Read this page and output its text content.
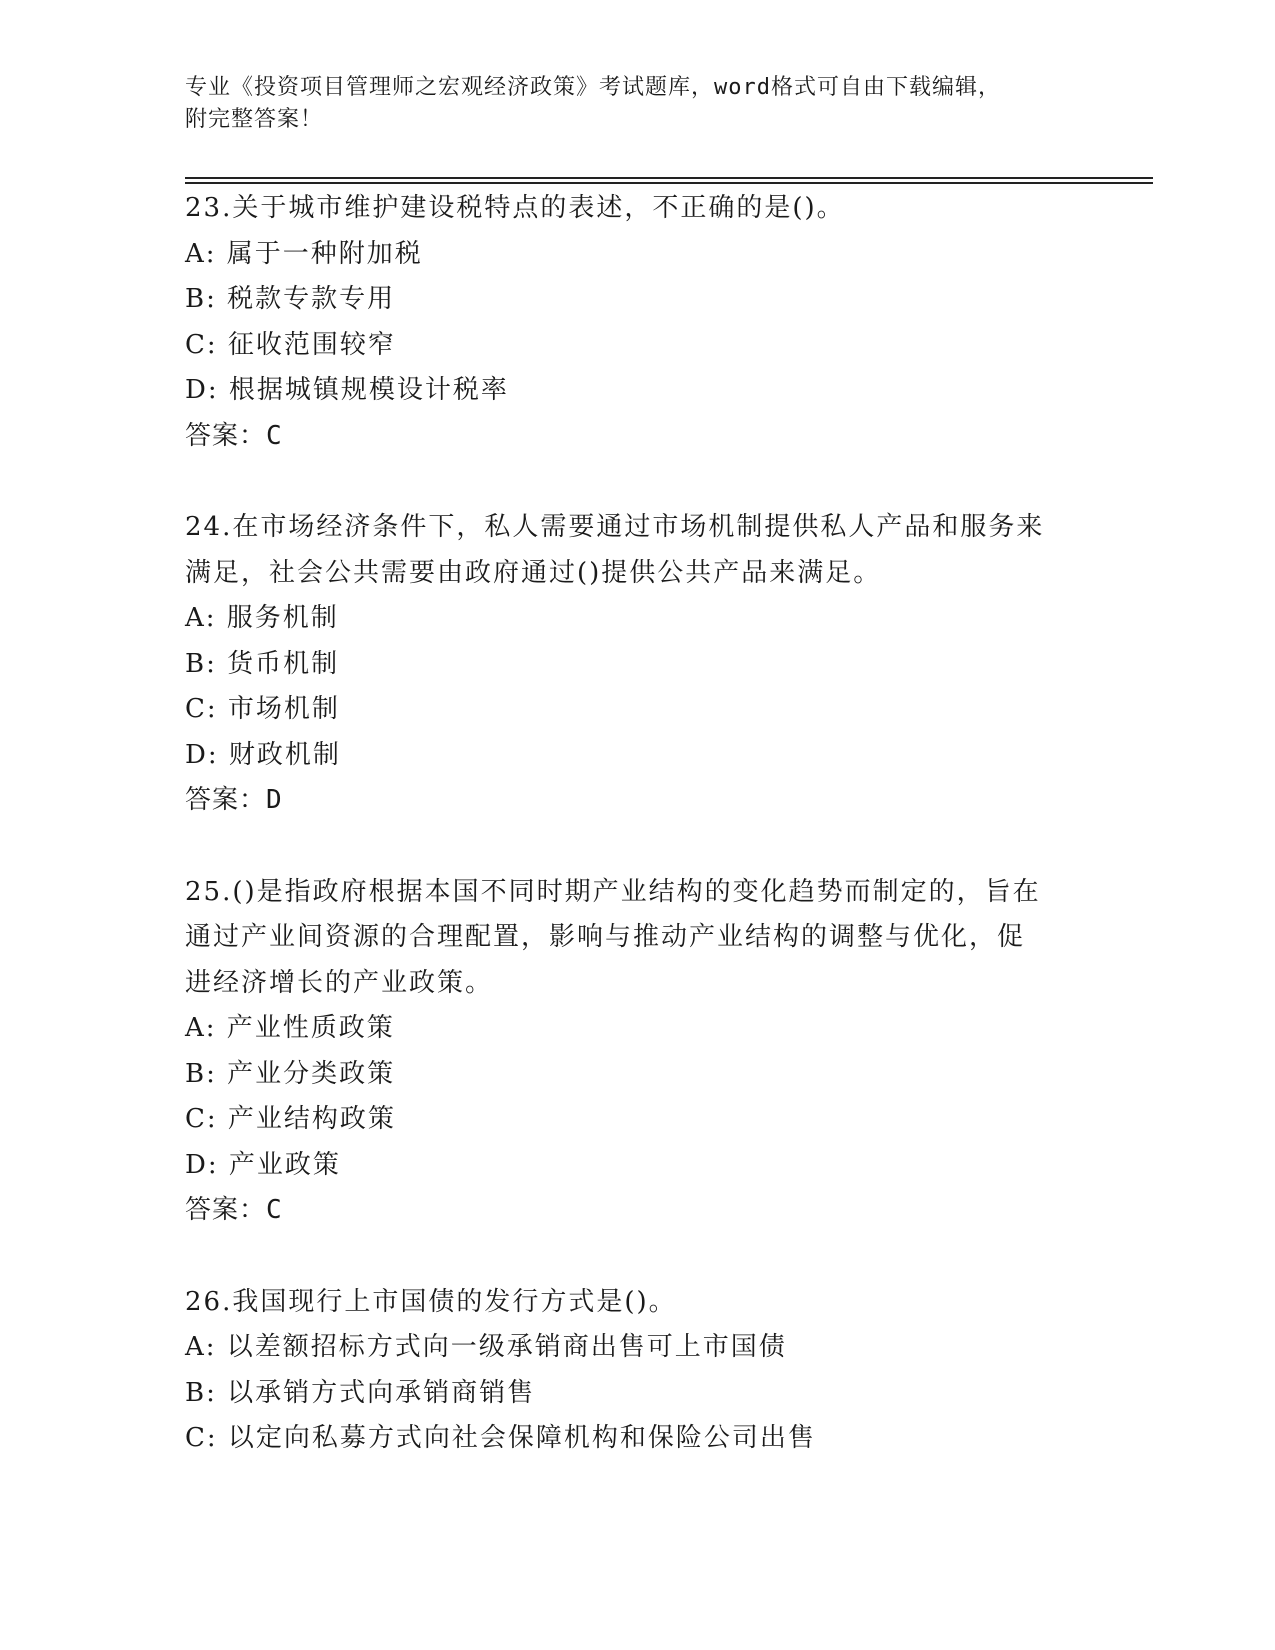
专业《投资项目管理师之宏观经济政策》考试题库，word格式可自由下载编辑，
附完整答案！
23.关于城市维护建设税特点的表述，不正确的是()。
A: 属于一种附加税
B: 税款专款专用
C: 征收范围较窄
D: 根据城镇规模设计税率
答案：C
24.在市场经济条件下，私人需要通过市场机制提供私人产品和服务来
满足，社会公共需要由政府通过()提供公共产品来满足。
A: 服务机制
B: 货币机制
C: 市场机制
D: 财政机制
答案：D
25.()是指政府根据本国不同时期产业结构的变化趋势而制定的，旨在
通过产业间资源的合理配置，影响与推动产业结构的调整与优化，促
进经济增长的产业政策。
A: 产业性质政策
B: 产业分类政策
C: 产业结构政策
D: 产业政策
答案：C
26.我国现行上市国债的发行方式是()。
A: 以差额招标方式向一级承销商出售可上市国债
B: 以承销方式向承销商销售
C: 以定向私募方式向社会保障机构和保险公司出售
